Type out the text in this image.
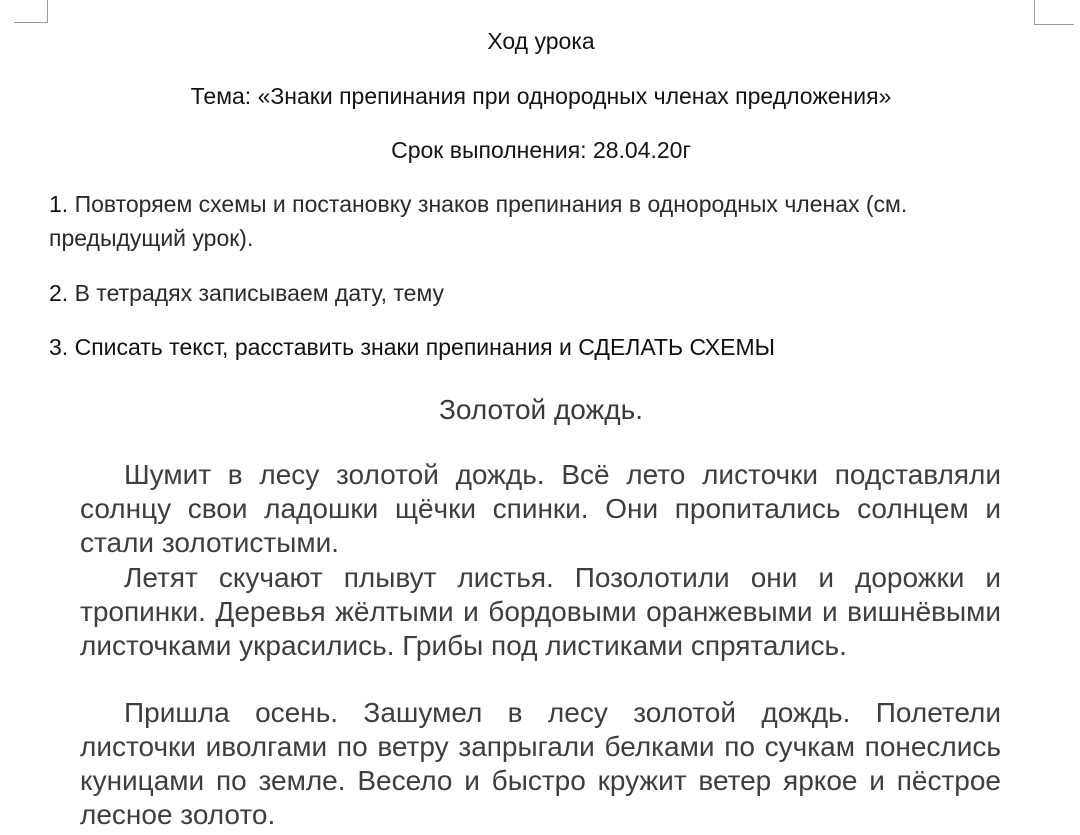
Ход урока
Тема: «Знаки препинания при однородных членах предложения»
Срок выполнения: 28.04.20г
1. Повторяем схемы и постановку знаков препинания в однородных членах (см. предыдущий урок).
2. В тетрадях записываем дату, тему
3. Списать текст, расставить знаки препинания и СДЕЛАТЬ СХЕМЫ
Золотой дождь.
Шумит в лесу золотой дождь. Всё лето листочки подставляли солнцу свои ладошки щёчки спинки. Они пропитались солнцем и стали золотистыми.
Летят скучают плывут листья. Позолотили они и дорожки и тропинки. Деревья жёлтыми и бордовыми оранжевыми и вишнёвыми листочками украсились. Грибы под листиками спрятались.
Пришла осень. Зашумел в лесу золотой дождь. Полетели листочки иволгами по ветру запрыгали белками по сучкам понеслись куницами по земле. Весело и быстро кружит ветер яркое и пёстрое лесное золото.
